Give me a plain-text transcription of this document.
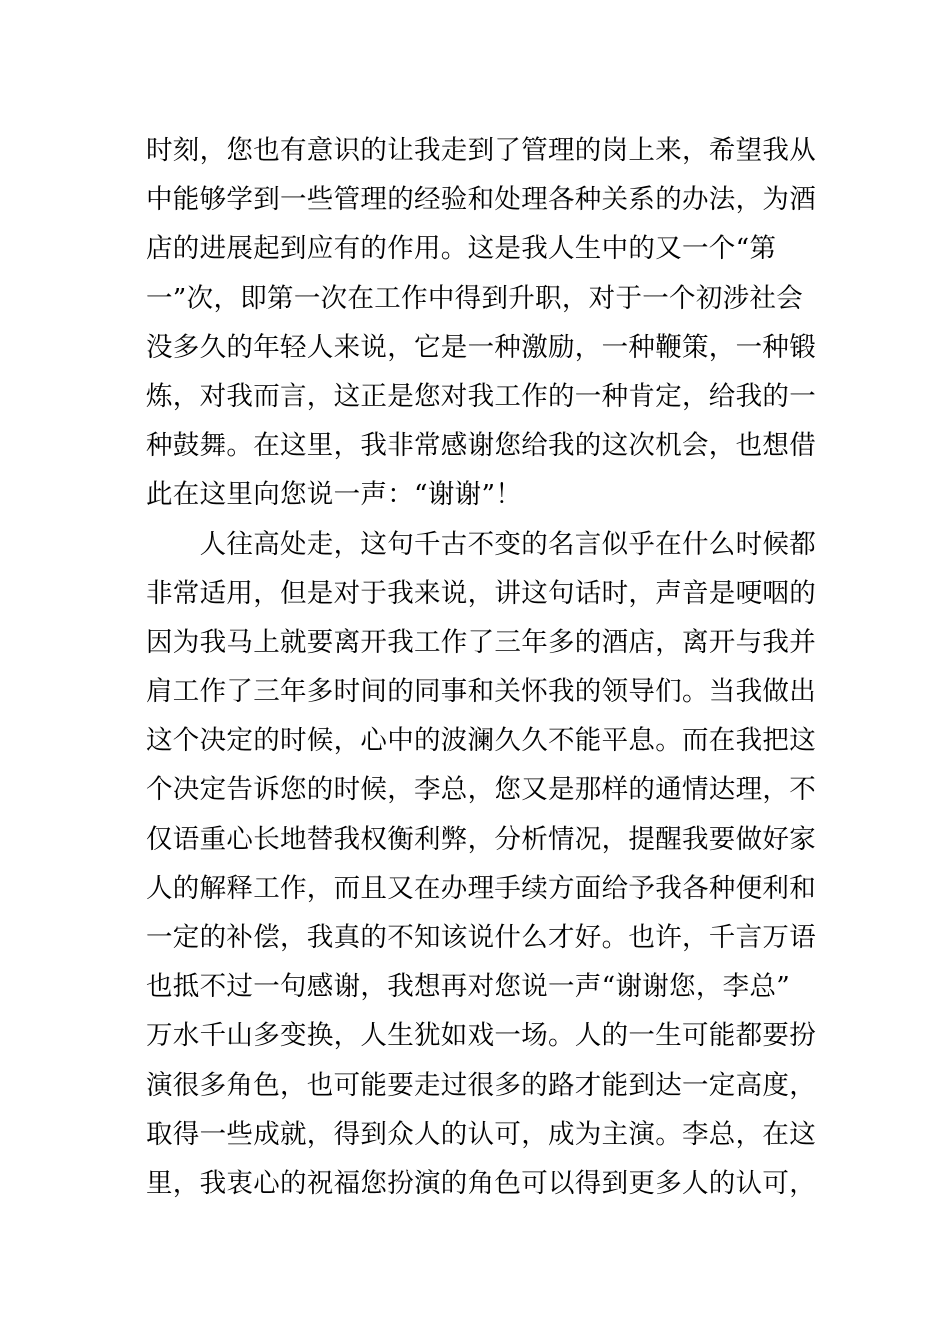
时刻，您也有意识的让我走到了管理的岗上来，希望我从
中能够学到一些管理的经验和处理各种关系的办法，为酒
店的进展起到应有的作用。这是我人生中的又一个“第
一”次，即第一次在工作中得到升职，对于一个初涉社会
没多久的年轻人来说，它是一种激励，一种鞭策，一种锻
炼，对我而言，这正是您对我工作的一种肯定，给我的一
种鼓舞。在这里，我非常感谢您给我的这次机会，也想借
此在这里向您说一声：“谢谢”！
　　人往高处走，这句千古不变的名言似乎在什么时候都
非常适用，但是对于我来说，讲这句话时，声音是哽咽的
因为我马上就要离开我工作了三年多的酒店，离开与我并
肩工作了三年多时间的同事和关怀我的领导们。当我做出
这个决定的时候，心中的波澜久久不能平息。而在我把这
个决定告诉您的时候，李总，您又是那样的通情达理，不
仅语重心长地替我权衡利弊，分析情况，提醒我要做好家
人的解释工作，而且又在办理手续方面给予我各种便利和
一定的补偿，我真的不知该说什么才好。也许，千言万语
也抵不过一句感谢，我想再对您说一声“谢谢您，李总”
万水千山多变换，人生犹如戏一场。人的一生可能都要扮
演很多角色，也可能要走过很多的路才能到达一定高度，
取得一些成就，得到众人的认可，成为主演。李总，在这
里，我衷心的祝福您扮演的角色可以得到更多人的认可，
